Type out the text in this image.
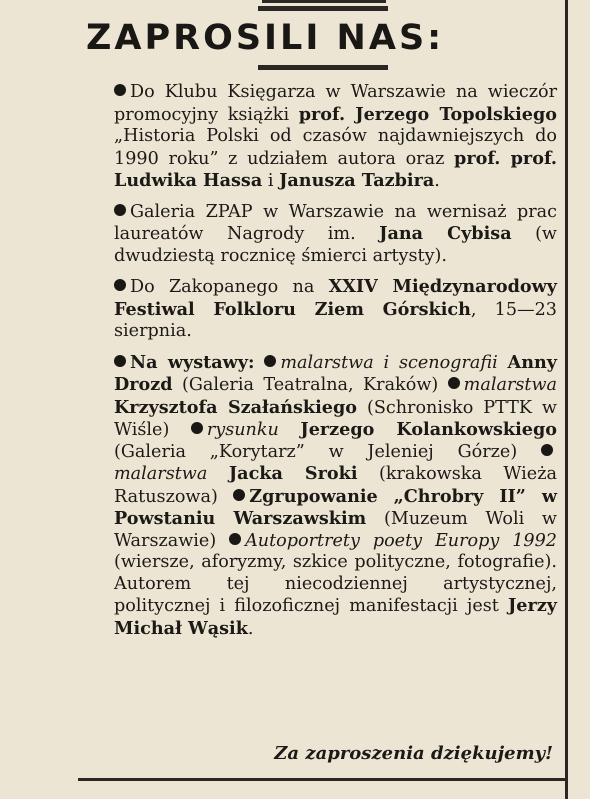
ZAPROSILI NAS:

Do Klubu Księgarza w Warszawie na wieczór promocyjny książki prof. Jerzego Topolskiego „Historia Polski od czasów najdawniejszych do 1990 roku” z udziałem autora oraz prof. prof. Ludwika Hassa i Janusza Tazbira.

Galeria ZPAP w Warszawie na wernisaż prac laureatów Nagrody im. Jana Cybisa (w dwudziestą rocznicę śmierci artysty).

Do Zakopanego na XXIV Międzynarodowy Festiwal Folkloru Ziem Górskich, 15—23 sierpnia.

Na wystawy: malarstwa i scenografii Anny Drozd (Galeria Teatralna, Kraków) malarstwa Krzysztofa Szałańskiego (Schronisko PTTK w Wiśle) rysunku Jerzego Kolankowskiego (Galeria „Korytarz” w Jeleniej Górze) malarstwa Jacka Sroki (krakowska Wieża Ratuszowa) Zgrupowanie „Chrobry II” w Powstaniu Warszawskim (Muzeum Woli w Warszawie) Autoportrety poety Europy 1992 (wiersze, aforyzmy, szkice polityczne, fotografie). Autorem tej niecodziennej artystycznej, politycznej i filozoficznej manifestacji jest Jerzy Michał Wąsik.

Za zaproszenia dziękujemy!
